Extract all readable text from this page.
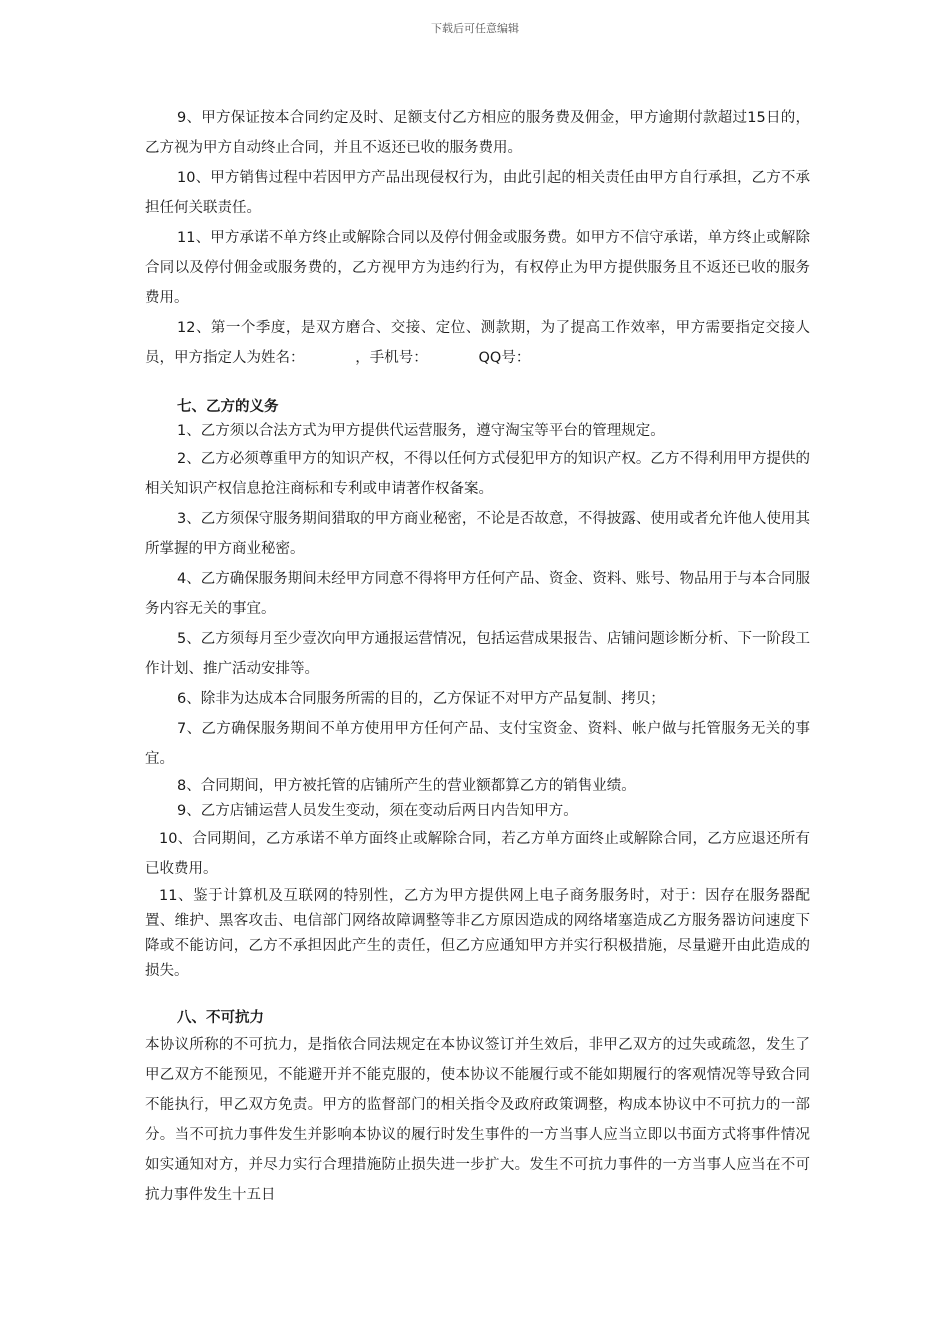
下载后可任意编辑

9、甲方保证按本合同约定及时、足额支付乙方相应的服务费及佣金，甲方逾期付款超过15日的，乙方视为甲方自动终止合同，并且不返还已收的服务费用。

10、甲方销售过程中若因甲方产品出现侵权行为，由此引起的相关责任由甲方自行承担，乙方不承担任何关联责任。

11、甲方承诺不单方终止或解除合同以及停付佣金或服务费。如甲方不信守承诺，单方终止或解除合同以及停付佣金或服务费的，乙方视甲方为违约行为，有权停止为甲方提供服务且不返还已收的服务费用。

12、第一个季度，是双方磨合、交接、定位、测款期，为了提高工作效率，甲方需要指定交接人员，甲方指定人为姓名：　　　　，手机号：　　　　QQ号：

七、乙方的义务

1、乙方须以合法方式为甲方提供代运营服务，遵守淘宝等平台的管理规定。

2、乙方必须尊重甲方的知识产权，不得以任何方式侵犯甲方的知识产权。乙方不得利用甲方提供的相关知识产权信息抢注商标和专利或申请著作权备案。

3、乙方须保守服务期间猎取的甲方商业秘密，不论是否故意，不得披露、使用或者允许他人使用其所掌握的甲方商业秘密。

4、乙方确保服务期间未经甲方同意不得将甲方任何产品、资金、资料、账号、物品用于与本合同服务内容无关的事宜。

5、乙方须每月至少壹次向甲方通报运营情况，包括运营成果报告、店铺问题诊断分析、下一阶段工作计划、推广活动安排等。

6、除非为达成本合同服务所需的目的，乙方保证不对甲方产品复制、拷贝；

7、乙方确保服务期间不单方使用甲方任何产品、支付宝资金、资料、帐户做与托管服务无关的事宜。

8、合同期间，甲方被托管的店铺所产生的营业额都算乙方的销售业绩。

9、乙方店铺运营人员发生变动，须在变动后两日内告知甲方。

10、合同期间，乙方承诺不单方面终止或解除合同，若乙方单方面终止或解除合同，乙方应退还所有已收费用。

11、鉴于计算机及互联网的特别性，乙方为甲方提供网上电子商务服务时，对于：因存在服务器配置、维护、黑客攻击、电信部门网络故障调整等非乙方原因造成的网络堵塞造成乙方服务器访问速度下降或不能访问，乙方不承担因此产生的责任，但乙方应通知甲方并实行积极措施，尽量避开由此造成的损失。

八、不可抗力

本协议所称的不可抗力，是指依合同法规定在本协议签订并生效后，非甲乙双方的过失或疏忽，发生了甲乙双方不能预见，不能避开并不能克服的，使本协议不能履行或不能如期履行的客观情况等导致合同不能执行，甲乙双方免责。甲方的监督部门的相关指令及政府政策调整，构成本协议中不可抗力的一部分。当不可抗力事件发生并影响本协议的履行时发生事件的一方当事人应当立即以书面方式将事件情况如实通知对方，并尽力实行合理措施防止损失进一步扩大。发生不可抗力事件的一方当事人应当在不可抗力事件发生十五日
